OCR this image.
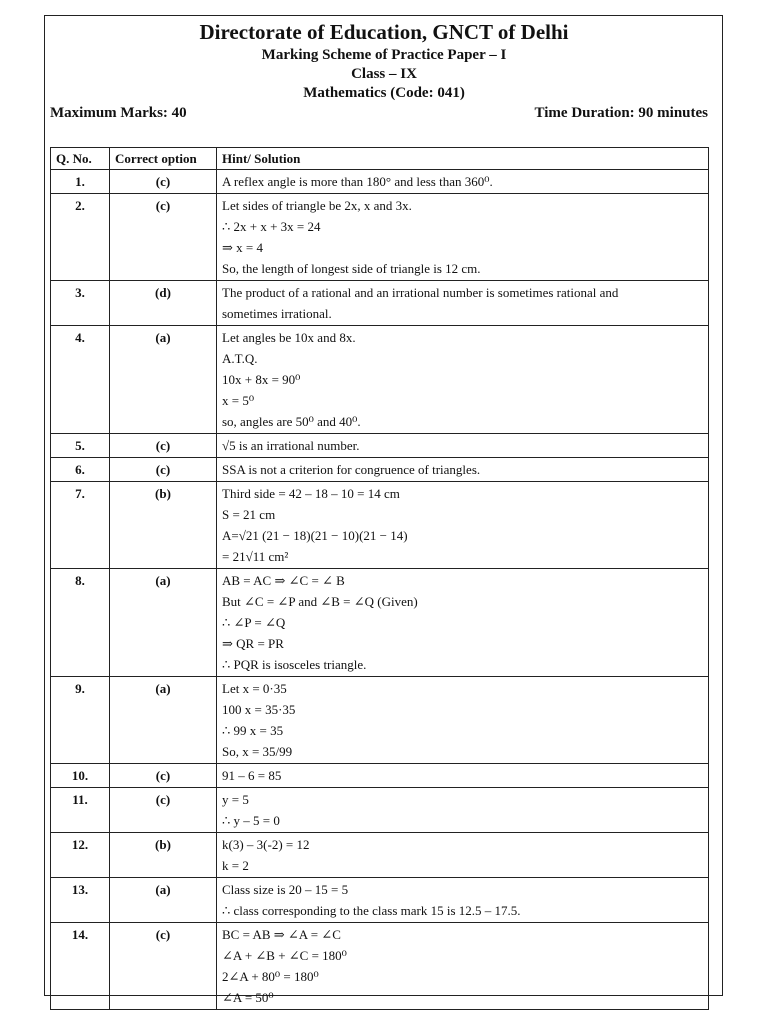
Directorate of Education, GNCT of Delhi
Marking Scheme of Practice Paper – I
Class – IX
Mathematics (Code: 041)
Maximum Marks: 40	Time Duration: 90 minutes
Q. No.	Correct option	Hint/ Solution
1.	(c)	A reflex angle is more than 180° and less than 360⁰.

2.	(c)	Let sides of triangle be 2x, x and 3x.
∴ 2x + x + 3x = 24
⇒ x = 4
So, the length of longest side of triangle is 12 cm.

3.	(d)	The product of a rational and an irrational number is sometimes rational and
sometimes irrational.

4.	(a)	Let angles be 10x and 8x.
A.T.Q.
10x + 8x = 90⁰
x = 5⁰
so, angles are 50⁰ and 40⁰.

5.	(c)	√5 is an irrational number.

6.	(c)	SSA is not a criterion for congruence of triangles.

7.	(b)	Third side = 42 – 18 – 10 = 14 cm
S = 21 cm
A=√21 (21 − 18)(21 − 10)(21 − 14)
= 21√11 cm²

8.	(a)	AB = AC ⇒ ∠C = ∠ B
But ∠C = ∠P and ∠B = ∠Q (Given)
∴ ∠P = ∠Q
⇒ QR = PR
∴ PQR is isosceles triangle.

9.	(a)	Let x = 0·35
100 x = 35·35
∴ 99 x = 35
So, x = 35/99

10.	(c)	91 – 6 = 85

11.	(c)	y = 5
∴ y – 5 = 0

12.	(b)	k(3) – 3(-2) = 12
k = 2

13.	(a)	Class size is 20 – 15 = 5
∴ class corresponding to the class mark 15 is 12.5 – 17.5.

14.	(c)	BC = AB ⇒ ∠A = ∠C
∠A + ∠B + ∠C = 180⁰
2∠A + 80⁰ = 180⁰
∠A = 50⁰
